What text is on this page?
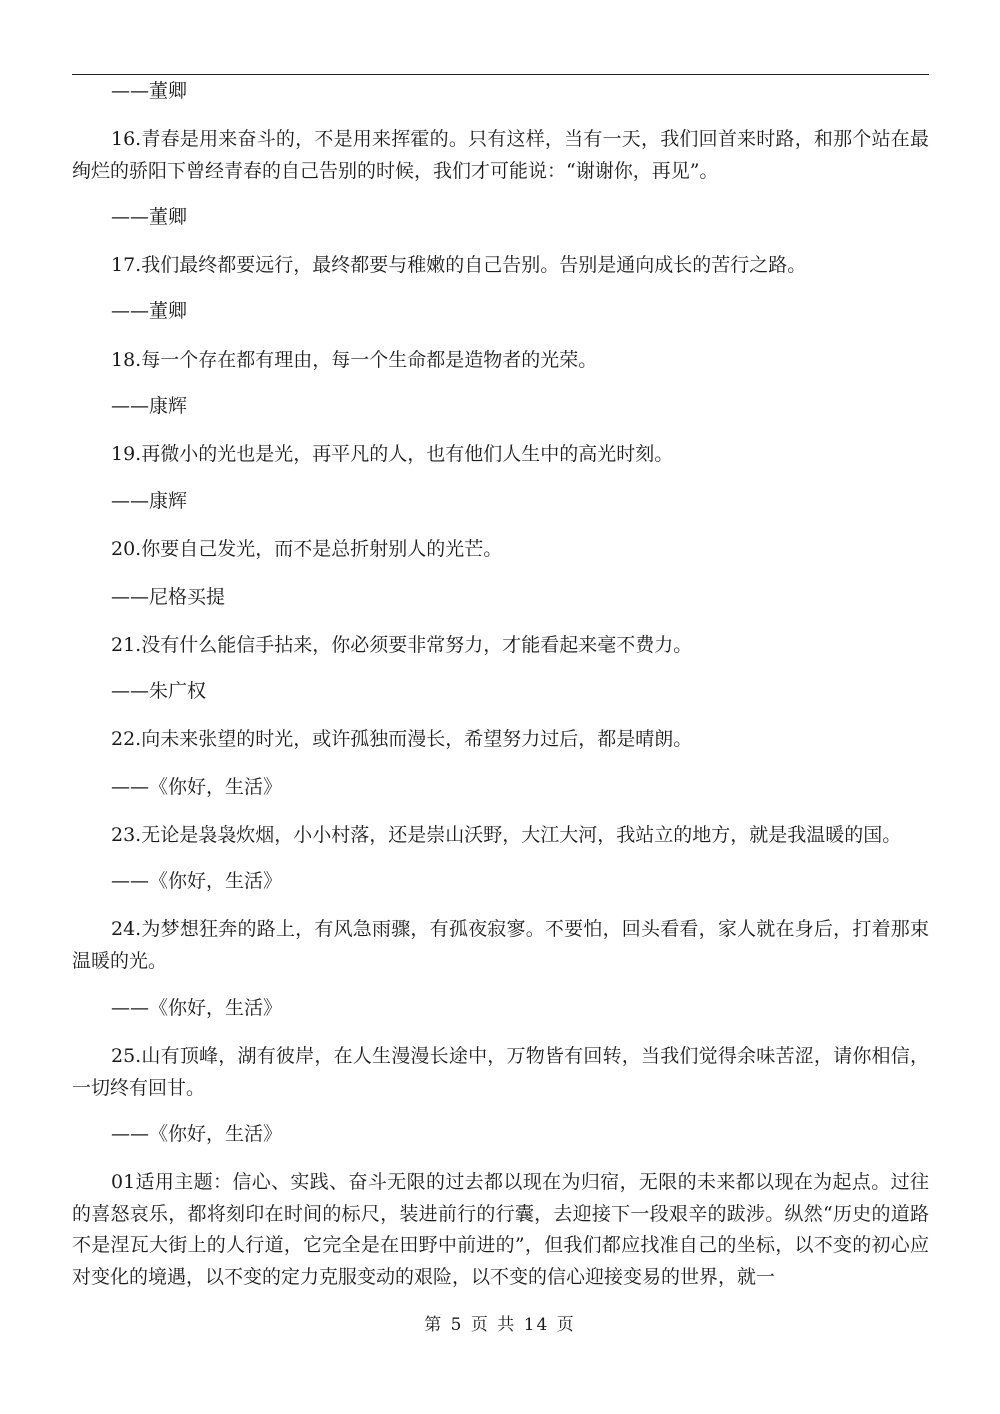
——董卿

16.青春是用来奋斗的，不是用来挥霍的。只有这样，当有一天，我们回首来时路，和那个站在最绚烂的骄阳下曾经青春的自己告别的时候，我们才可能说：“谢谢你，再见”。

——董卿

17.我们最终都要远行，最终都要与稚嫩的自己告别。告别是通向成长的苦行之路。

——董卿

18.每一个存在都有理由，每一个生命都是造物者的光荣。

——康辉

19.再微小的光也是光，再平凡的人，也有他们人生中的高光时刻。

——康辉

20.你要自己发光，而不是总折射别人的光芒。

——尼格买提

21.没有什么能信手拈来，你必须要非常努力，才能看起来毫不费力。

——朱广权

22.向未来张望的时光，或许孤独而漫长，希望努力过后，都是晴朗。

——《你好，生活》

23.无论是袅袅炊烟，小小村落，还是崇山沃野，大江大河，我站立的地方，就是我温暖的国。

——《你好，生活》

24.为梦想狂奔的路上，有风急雨骤，有孤夜寂寥。不要怕，回头看看，家人就在身后，打着那束温暖的光。

——《你好，生活》

25.山有顶峰，湖有彼岸，在人生漫漫长途中，万物皆有回转，当我们觉得余味苦涩，请你相信，一切终有回甘。

——《你好，生活》

01适用主题：信心、实践、奋斗无限的过去都以现在为归宿，无限的未来都以现在为起点。过往的喜怒哀乐，都将刻印在时间的标尺，装进前行的行囊，去迎接下一段艰辛的跋涉。纵然“历史的道路不是涅瓦大街上的人行道，它完全是在田野中前进的”，但我们都应找准自己的坐标，以不变的初心应对变化的境遇，以不变的定力克服变动的艰险，以不变的信心迎接变易的世界，就一

第 5 页 共 14 页
